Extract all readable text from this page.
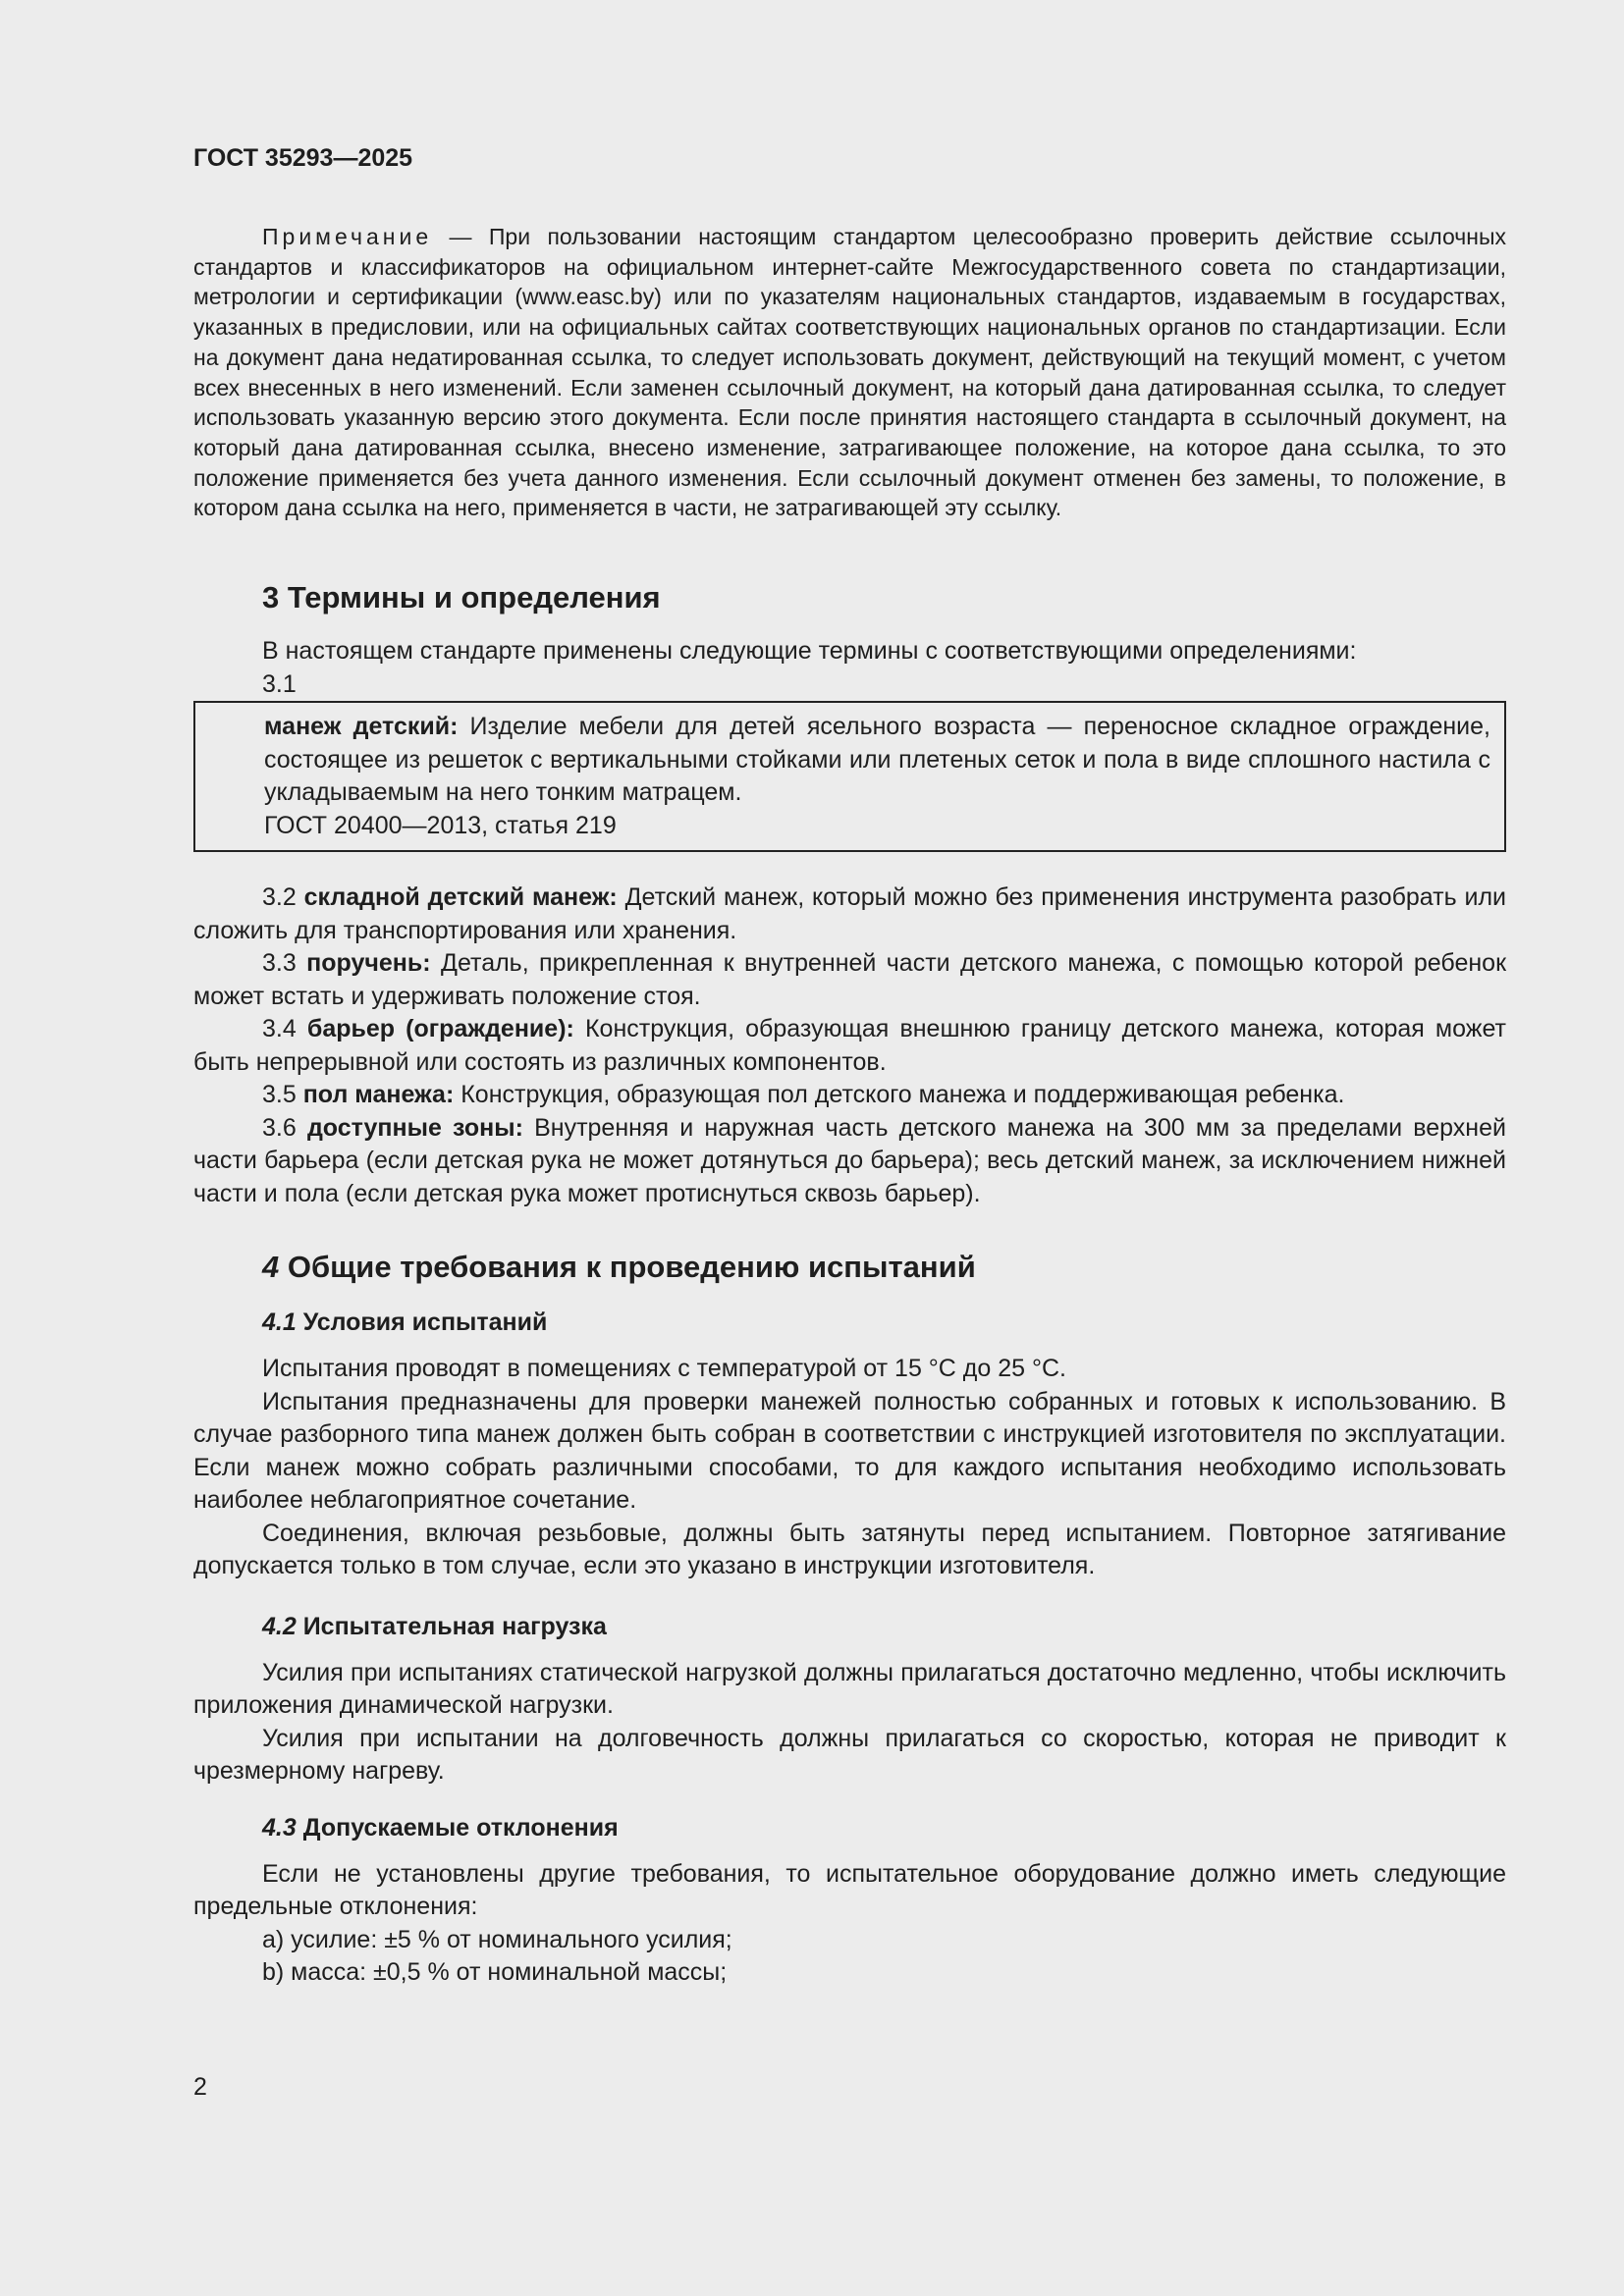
ГОСТ 35293—2025

Примечание — При пользовании настоящим стандартом целесообразно проверить действие ссылочных стандартов и классификаторов на официальном интернет-сайте Межгосударственного совета по стандартизации, метрологии и сертификации (www.easc.by) или по указателям национальных стандартов, издаваемым в государствах, указанных в предисловии, или на официальных сайтах соответствующих национальных органов по стандартизации. Если на документ дана недатированная ссылка, то следует использовать документ, действующий на текущий момент, с учетом всех внесенных в него изменений. Если заменен ссылочный документ, на который дана датированная ссылка, то следует использовать указанную версию этого документа. Если после принятия настоящего стандарта в ссылочный документ, на который дана датированная ссылка, внесено изменение, затрагивающее положение, на которое дана ссылка, то это положение применяется без учета данного изменения. Если ссылочный документ отменен без замены, то положение, в котором дана ссылка на него, применяется в части, не затрагивающей эту ссылку.

3 Термины и определения

В настоящем стандарте применены следующие термины с соответствующими определениями:

3.1

манеж детский: Изделие мебели для детей ясельного возраста — переносное складное ограждение, состоящее из решеток с вертикальными стойками или плетеных сеток и пола в виде сплошного настила с укладываемым на него тонким матрацем.

ГОСТ 20400—2013, статья 219

3.2 складной детский манеж: Детский манеж, который можно без применения инструмента разобрать или сложить для транспортирования или хранения.

3.3 поручень: Деталь, прикрепленная к внутренней части детского манежа, с помощью которой ребенок может встать и удерживать положение стоя.

3.4 барьер (ограждение): Конструкция, образующая внешнюю границу детского манежа, которая может быть непрерывной или состоять из различных компонентов.

3.5 пол манежа: Конструкция, образующая пол детского манежа и поддерживающая ребенка.

3.6 доступные зоны: Внутренняя и наружная часть детского манежа на 300 мм за пределами верхней части барьера (если детская рука не может дотянуться до барьера); весь детский манеж, за исключением нижней части и пола (если детская рука может протиснуться сквозь барьер).

4 Общие требования к проведению испытаний
4.1 Условия испытаний

Испытания проводят в помещениях с температурой от 15 °С до 25 °С.

Испытания предназначены для проверки манежей полностью собранных и готовых к использованию. В случае разборного типа манеж должен быть собран в соответствии с инструкцией изготовителя по эксплуатации. Если манеж можно собрать различными способами, то для каждого испытания необходимо использовать наиболее неблагоприятное сочетание.

Соединения, включая резьбовые, должны быть затянуты перед испытанием. Повторное затягивание допускается только в том случае, если это указано в инструкции изготовителя.

4.2 Испытательная нагрузка

Усилия при испытаниях статической нагрузкой должны прилагаться достаточно медленно, чтобы исключить приложения динамической нагрузки.

Усилия при испытании на долговечность должны прилагаться со скоростью, которая не приводит к чрезмерному нагреву.

4.3 Допускаемые отклонения

Если не установлены другие требования, то испытательное оборудование должно иметь следующие предельные отклонения:

а) усилие: ±5 % от номинального усилия;

b) масса: ±0,5 % от номинальной массы;

2
